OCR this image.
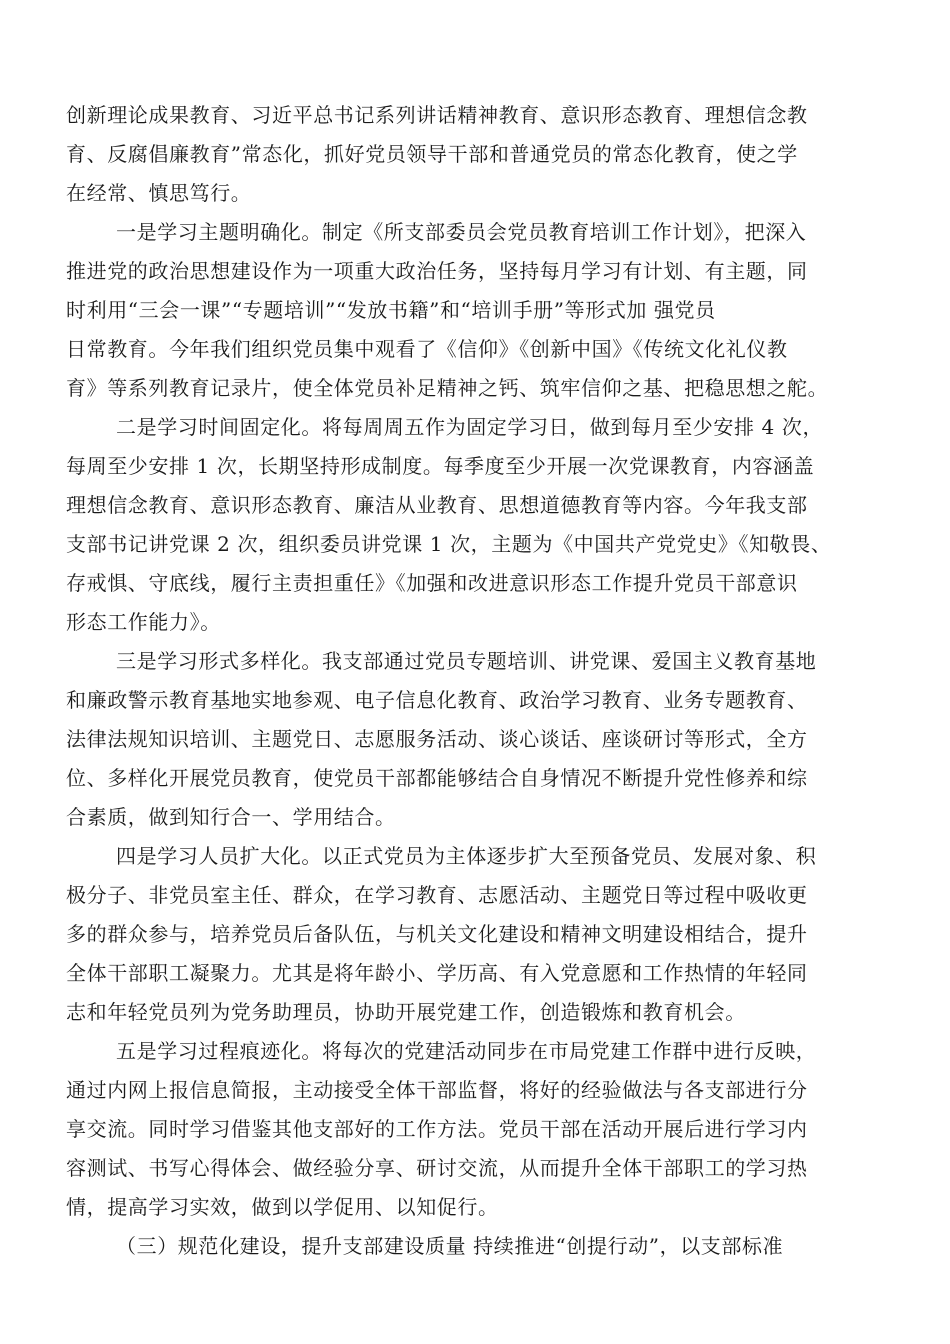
创新理论成果教育、习近平总书记系列讲话精神教育、意识形态教育、理想信念教
育、反腐倡廉教育”常态化，抓好党员领导干部和普通党员的常态化教育，使之学
在经常、慎思笃行。
一是学习主题明确化。制定《所支部委员会党员教育培训工作计划》，把深入
推进党的政治思想建设作为一项重大政治任务，坚持每月学习有计划、有主题，同
时利用“三会一课”“专题培训”“发放书籍”和“培训手册”等形式加 强党员
日常教育。今年我们组织党员集中观看了《信仰》《创新中国》《传统文化礼仪教
育》等系列教育记录片，使全体党员补足精神之钙、筑牢信仰之基、把稳思想之舵。
二是学习时间固定化。将每周周五作为固定学习日，做到每月至少安排 4 次，
每周至少安排 1 次，长期坚持形成制度。每季度至少开展一次党课教育，内容涵盖
理想信念教育、意识形态教育、廉洁从业教育、思想道德教育等内容。今年我支部
支部书记讲党课 2 次，组织委员讲党课 1 次，主题为《中国共产党党史》《知敬畏、
存戒惧、守底线，履行主责担重任》《加强和改进意识形态工作提升党员干部意识
形态工作能力》。
三是学习形式多样化。我支部通过党员专题培训、讲党课、爱国主义教育基地
和廉政警示教育基地实地参观、电子信息化教育、政治学习教育、业务专题教育、
法律法规知识培训、主题党日、志愿服务活动、谈心谈话、座谈研讨等形式，全方
位、多样化开展党员教育，使党员干部都能够结合自身情况不断提升党性修养和综
合素质，做到知行合一、学用结合。
四是学习人员扩大化。以正式党员为主体逐步扩大至预备党员、发展对象、积
极分子、非党员室主任、群众，在学习教育、志愿活动、主题党日等过程中吸收更
多的群众参与，培养党员后备队伍，与机关文化建设和精神文明建设相结合，提升
全体干部职工凝聚力。尤其是将年龄小、学历高、有入党意愿和工作热情的年轻同
志和年轻党员列为党务助理员，协助开展党建工作，创造锻炼和教育机会。
五是学习过程痕迹化。将每次的党建活动同步在市局党建工作群中进行反映，
通过内网上报信息简报，主动接受全体干部监督，将好的经验做法与各支部进行分
享交流。同时学习借鉴其他支部好的工作方法。党员干部在活动开展后进行学习内
容测试、书写心得体会、做经验分享、研讨交流，从而提升全体干部职工的学习热
情，提高学习实效，做到以学促用、以知促行。
（三）规范化建设，提升支部建设质量 持续推进“创提行动”，以支部标准
